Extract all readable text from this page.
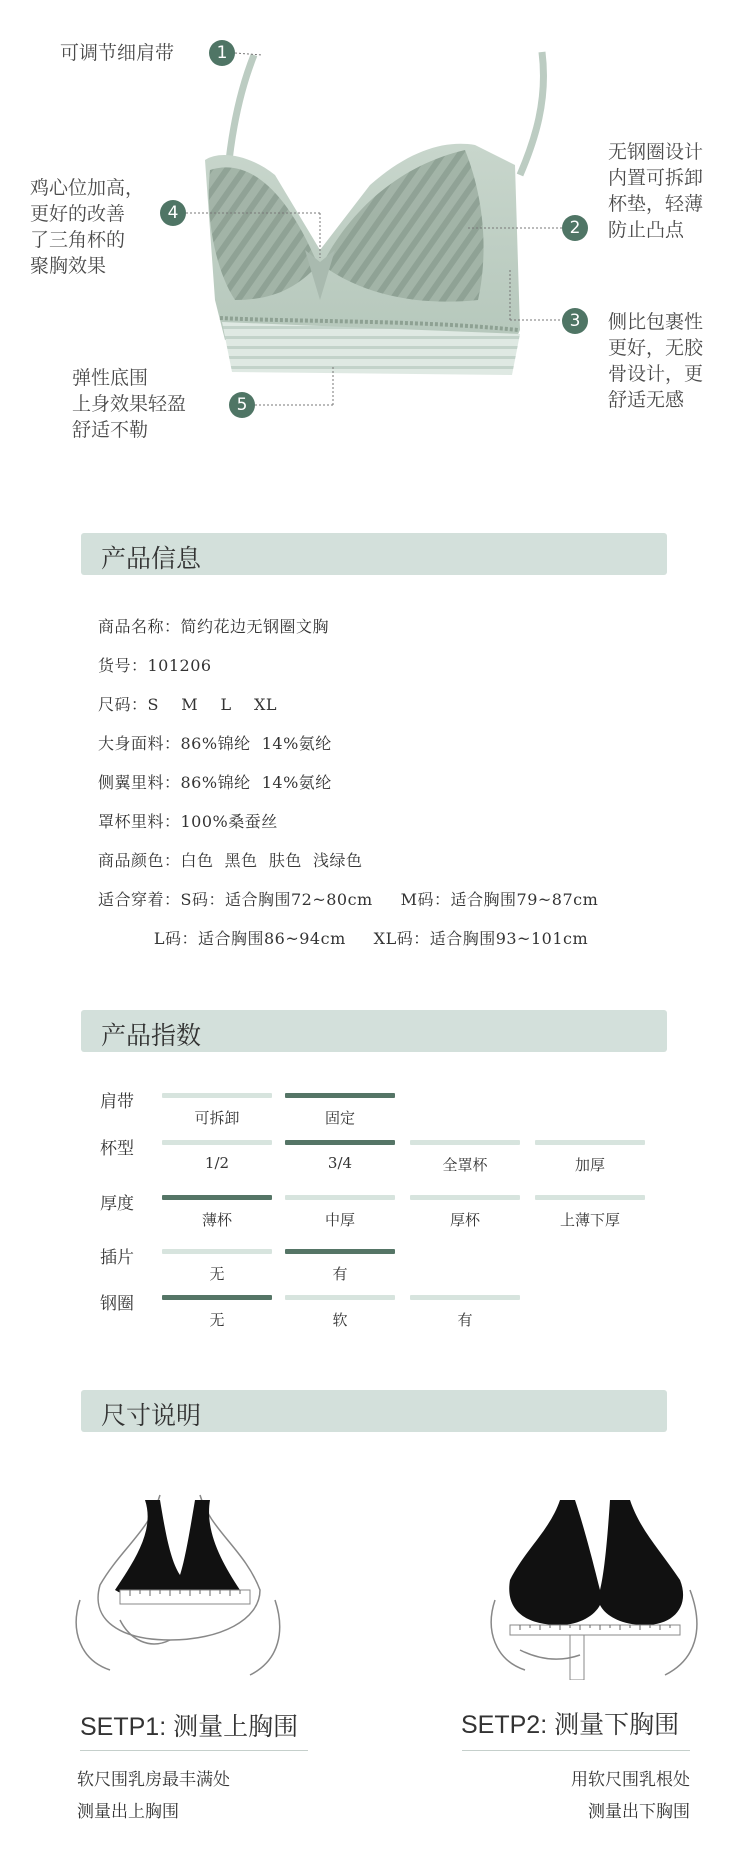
可调节细肩带	1
无钢圈设计
内置可拆卸
杯垫，轻薄
防止凸点
2
侧比包裹性
更好，无胶
骨设计，更
舒适无感
3
鸡心位加高，
更好的改善
了三角杯的
聚胸效果
4
弹性底围
上身效果轻盈
舒适不勒
5
产品信息
商品名称：简约花边无钢圈文胸
货号：101206
尺码：S    M    L    XL
大身面料：86%锦纶  14%氨纶
侧翼里料：86%锦纶  14%氨纶
罩杯里料：100%桑蚕丝
商品颜色：白色  黑色  肤色  浅绿色
适合穿着：S码：适合胸围72~80cm     M码：适合胸围79~87cm
L码：适合胸围86~94cm     XL码：适合胸围93~101cm
产品指数
肩带
可拆卸	固定
杯型
1/2	3/4	全罩杯	加厚
厚度
薄杯	中厚	厚杯	上薄下厚
插片
无	有
钢圈
无	软	有
尺寸说明
SETP1: 测量上胸围
软尺围乳房最丰满处
测量出上胸围
SETP2: 测量下胸围
用软尺围乳根处
测量出下胸围
